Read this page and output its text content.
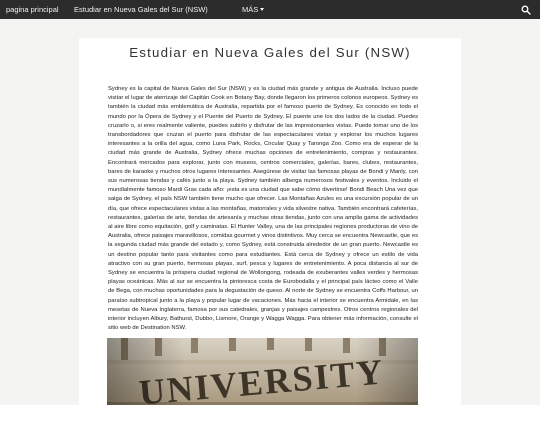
pagina principal Estudiar en Nueva Gales del Sur (NSW)	MÁS
Estudiar en Nueva Gales del Sur (NSW)

Sydney es la capital de Nueva Gales del Sur (NSW) y es la ciudad más grande y antigua de Australia. Incluso puede visitar el lugar de aterrizaje del Capitán Cook en Botany Bay, donde llegaron los primeros colonos europeos. Sydney es también la ciudad más emblemática de Australia, repartida por el famoso puerto de Sydney. Es conocido en todo el mundo por la Ópera de Sydney y el Puente del Puerto de Sydney. El puente une los dos lados de la ciudad. Puedes cruzarlo o, si eres realmente valiente, puedes subirlo y disfrutar de las impresionantes vistas. Puede tomar uno de los transbordadores que cruzan el puerto para disfrutar de las espectaculares vistas y explorar los muchos lugares interesantes a la orilla del agua, como Luna Park, Rocks, Circular Quay y Taronga Zoo. Como era de esperar de la ciudad más grande de Australia, Sydney ofrece muchas opciones de entretenimiento, compras y restaurantes. Encontrará mercados para explorar, junto con museos, centros comerciales, galerías, bares, clubes, restaurantes, bares de karaoke y muchos otros lugares interesantes. Asegúrese de visitar las famosas playas de Bondi y Manly, con sus numerosas tiendas y cafés junto a la playa. Sydney también alberga numerosos festivales y eventos. Incluido el mundialmente famoso Mardi Gras cada año: ¡esta es una ciudad que sabe cómo divertirse! Bondi Beach Una vez que salga de Sydney, el país NSW también tiene mucho que ofrecer. Las Montañas Azules es una excursión popular de un día, que ofrece espectaculares vistas a las montañas, matorrales y vida silvestre nativa. También encontrará cafeterías, restaurantes, galerías de arte, tiendas de artesanía y muchas otras tiendas, junto con una amplia gama de actividades al aire libre como equitación, golf y caminatas. El Hunter Valley, una de las principales regiones productoras de vino de Australia, ofrece paisajes maravillosos, comidas gourmet y vinos distintivos. Muy cerca se encuentra Newcastle, que es la segunda ciudad más grande del estado y, como Sydney, está construida alrededor de un gran puerto. Newcastle es un destino popular tanto para visitantes como para estudiantes. Está cerca de Sydney y ofrece un estilo de vida atractivo con su gran puerto, hermosas playas, surf, pesca y lugares de entretenimiento. A poca distancia al sur de Sydney se encuentra la próspera ciudad regional de Wollongong, rodeada de exuberantes valles verdes y hermosas playas oceánicas. Más al sur se encuentra la pintoresca costa de Eurobodalla y el principal país lácteo como el Valle de Bega, con muchas oportunidades para la degustación de queso. Al norte de Sydney se encuentra Coffs Harbour, un paraíso subtropical junto a la playa y popular lugar de vacaciones. Más hacia el interior se encuentra Armidale, en las mesetas de Nueva Inglaterra, famosa por sus catedrales, granjas y paisajes campestres. Otros centros regionales del interior incluyen Albury, Bathurst, Dubbo, Lismore, Orange y Wagga Wagga. Para obtener más información, consulte el sitio web de Destination NSW.
